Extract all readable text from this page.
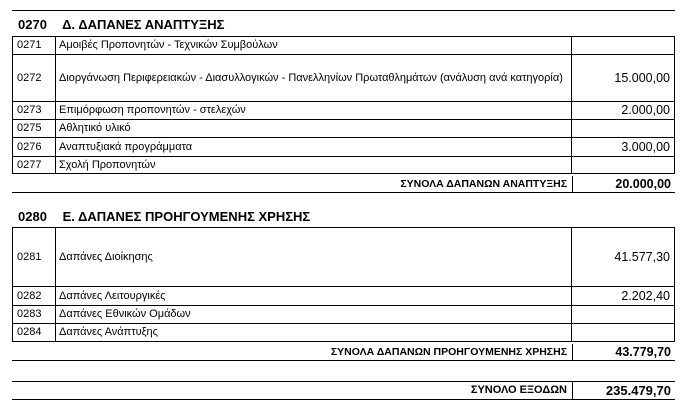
0270 Δ. ΔΑΠΑΝΕΣ ΑΝΑΠΤΥΞΗΣ
0271	Αμοιβές Προπονητών - Τεχνικών Συμβούλων	
0272	Διοργάνωση Περιφερειακών - Διασυλλογικών - Πανελληνίων Πρωταθλημάτων (ανάλυση ανά κατηγορία)	15.000,00
0273	Επιμόρφωση προπονητών - στελεχών	2.000,00
0275	Αθλητικό υλικό	
0276	Αναπτυξιακά προγράμματα	3.000,00
0277	Σχολή Προπονητών	
ΣΥΝΟΛΑ ΔΑΠΑΝΩΝ ΑΝΑΠΤΥΞΗΣ	20.000,00
0280 Ε. ΔΑΠΑΝΕΣ ΠΡΟΗΓΟΥΜΕΝΗΣ ΧΡΗΣΗΣ
0281	Δαπάνες Διοίκησης	41.577,30
0282	Δαπάνες Λειτουργικές	2.202,40
0283	Δαπάνες Εθνικών Ομάδων	
0284	Δαπάνες Ανάπτυξης	
ΣΥΝΟΛΑ ΔΑΠΑΝΩΝ ΠΡΟΗΓΟΥΜΕΝΗΣ ΧΡΗΣΗΣ	43.779,70
ΣΥΝΟΛΟ ΕΞΟΔΩΝ	235.479,70
